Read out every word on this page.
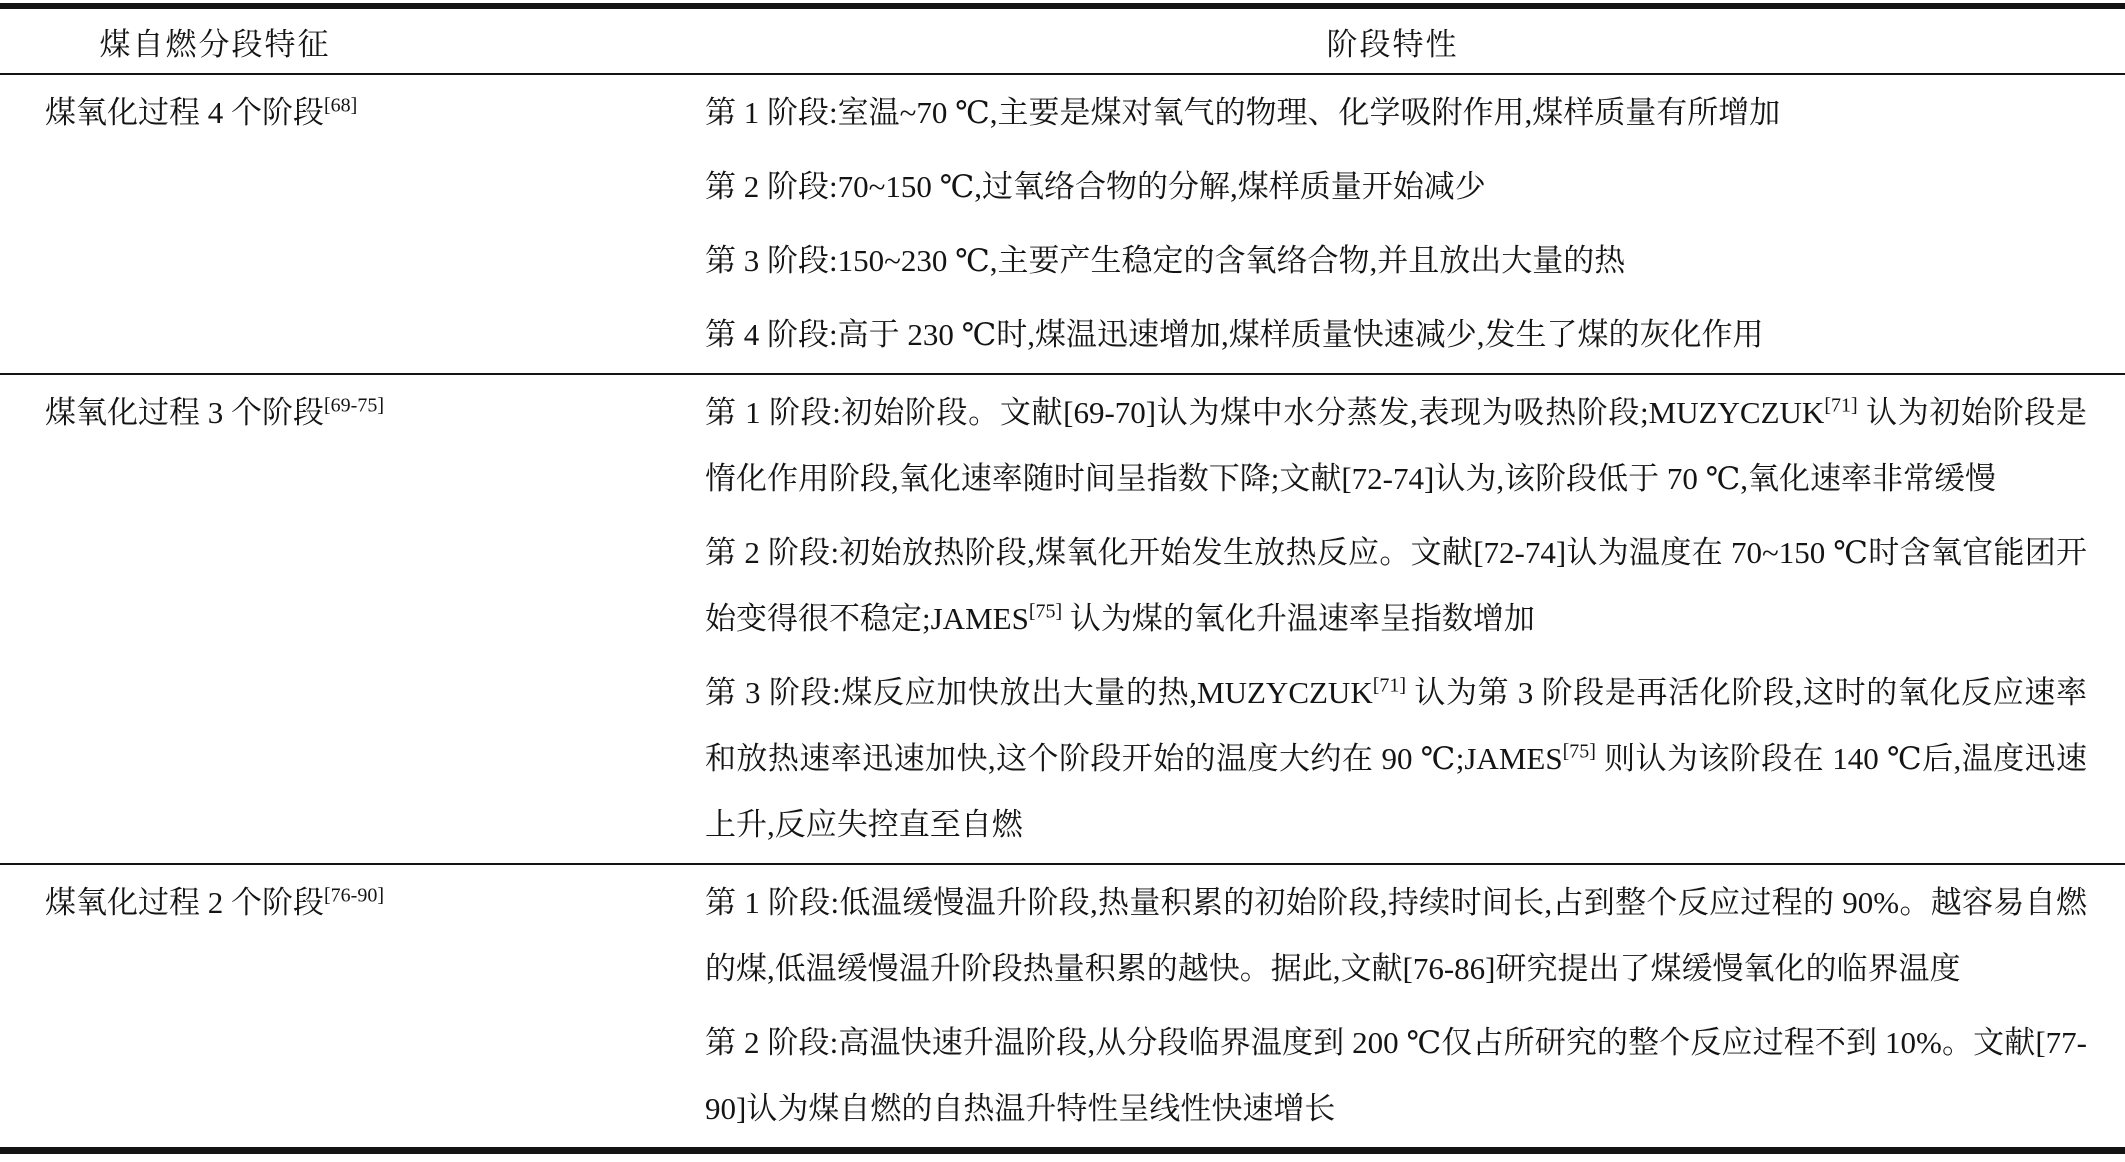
煤自燃分段特征	阶段特性
煤氧化过程 4 个阶段[68]	第 1 阶段:室温~70 ℃,主要是煤对氧气的物理、化学吸附作用,煤样质量有所增加

第 2 阶段:70~150 ℃,过氧络合物的分解,煤样质量开始减少

第 3 阶段:150~230 ℃,主要产生稳定的含氧络合物,并且放出大量的热

第 4 阶段:高于 230 ℃时,煤温迅速增加,煤样质量快速减少,发生了煤的灰化作用

煤氧化过程 3 个阶段[69-75]	第 1 阶段:初始阶段。文献[69-70]认为煤中水分蒸发,表现为吸热阶段;MUZYCZUK[71] 认为初始阶段是惰化作用阶段,氧化速率随时间呈指数下降;文献[72-74]认为,该阶段低于 70 ℃,氧化速率非常缓慢

第 2 阶段:初始放热阶段,煤氧化开始发生放热反应。文献[72-74]认为温度在 70~150 ℃时含氧官能团开始变得很不稳定;JAMES[75] 认为煤的氧化升温速率呈指数增加

第 3 阶段:煤反应加快放出大量的热,MUZYCZUK[71] 认为第 3 阶段是再活化阶段,这时的氧化反应速率和放热速率迅速加快,这个阶段开始的温度大约在 90 ℃;JAMES[75] 则认为该阶段在 140 ℃后,温度迅速上升,反应失控直至自燃

煤氧化过程 2 个阶段[76-90]	第 1 阶段:低温缓慢温升阶段,热量积累的初始阶段,持续时间长,占到整个反应过程的 90%。越容易自燃的煤,低温缓慢温升阶段热量积累的越快。据此,文献[76-86]研究提出了煤缓慢氧化的临界温度

第 2 阶段:高温快速升温阶段,从分段临界温度到 200 ℃仅占所研究的整个反应过程不到 10%。文献[77-90]认为煤自燃的自热温升特性呈线性快速增长
